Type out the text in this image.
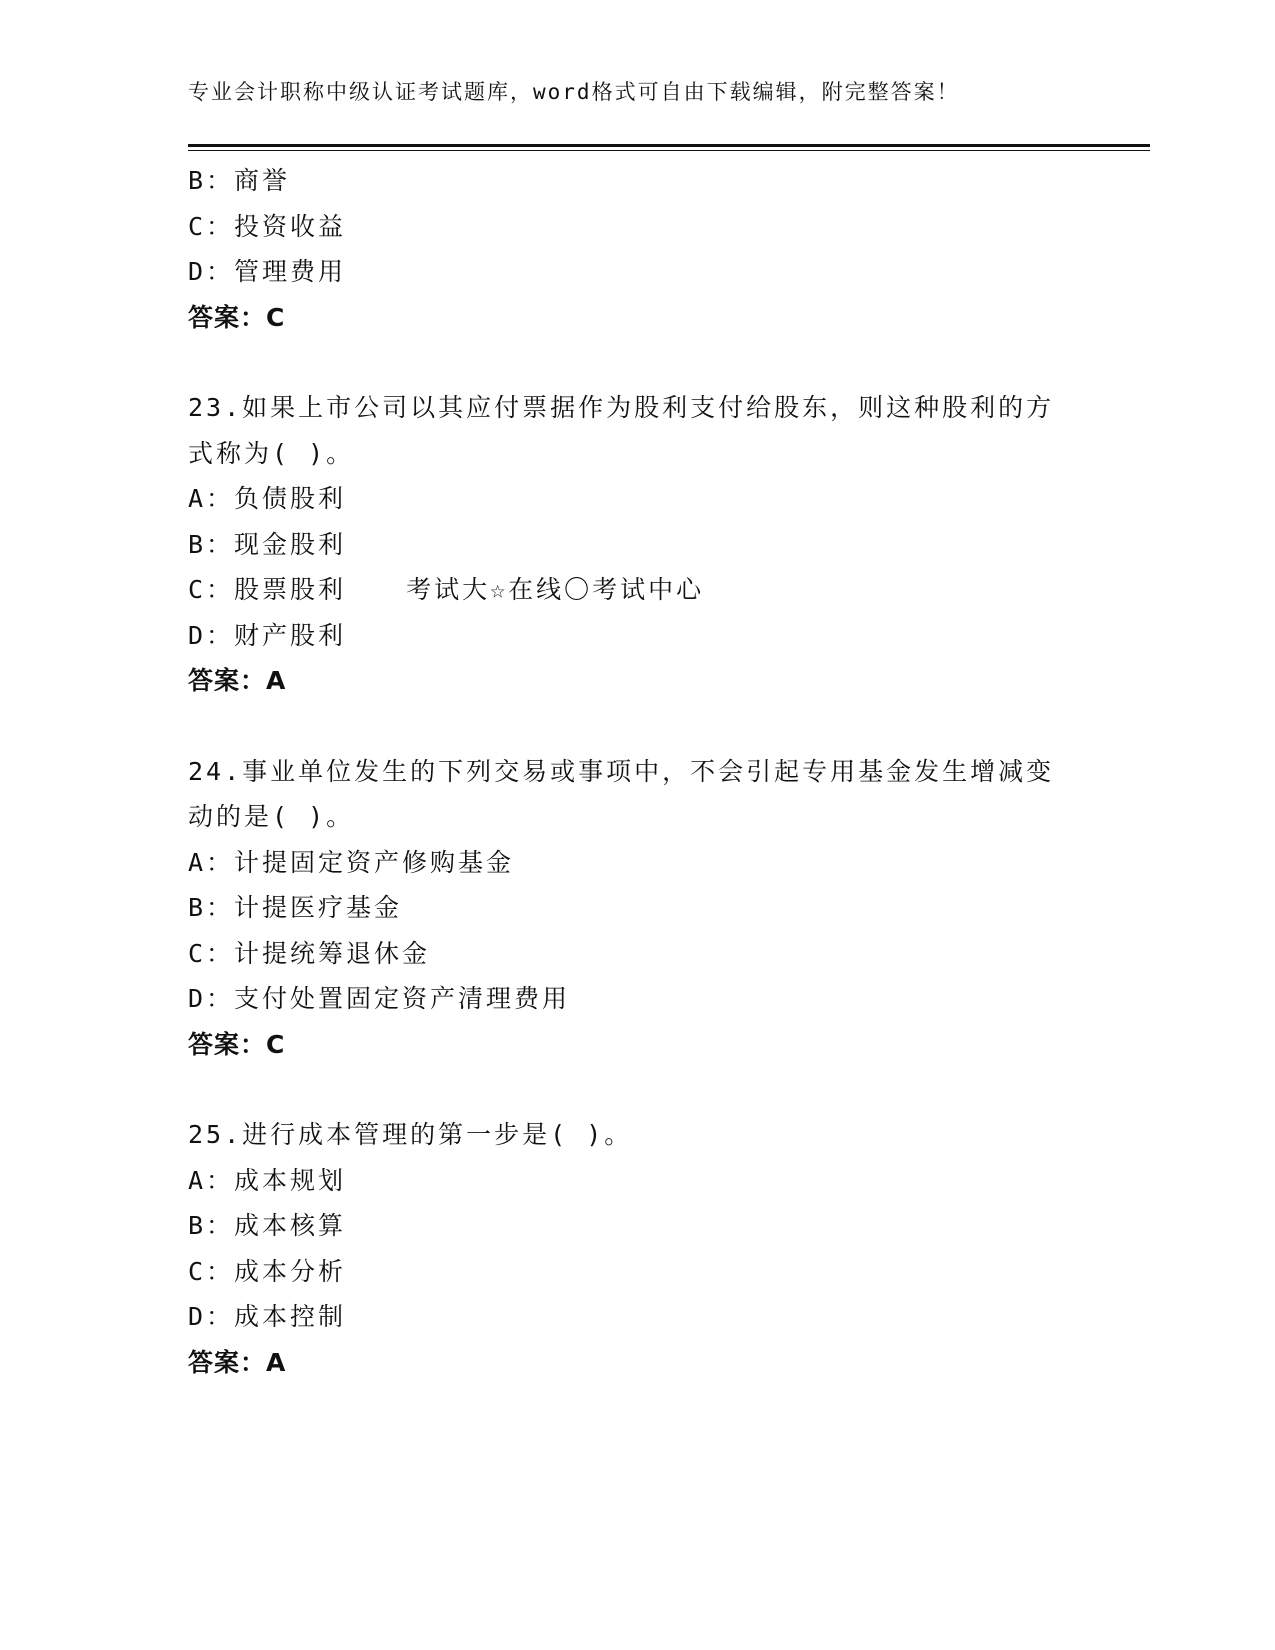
专业会计职称中级认证考试题库，word格式可自由下载编辑，附完整答案！
B：商誉
C：投资收益
D：管理费用
答案：C
23.如果上市公司以其应付票据作为股利支付给股东，则这种股利的方
式称为( )。
A：负债股利
B：现金股利
C：股票股利 考试大☆在线〇考试中心
D：财产股利
答案：A
24.事业单位发生的下列交易或事项中，不会引起专用基金发生增减变
动的是( )。
A：计提固定资产修购基金
B：计提医疗基金
C：计提统筹退休金
D：支付处置固定资产清理费用
答案：C
25.进行成本管理的第一步是( )。
A：成本规划
B：成本核算
C：成本分析
D：成本控制
答案：A
